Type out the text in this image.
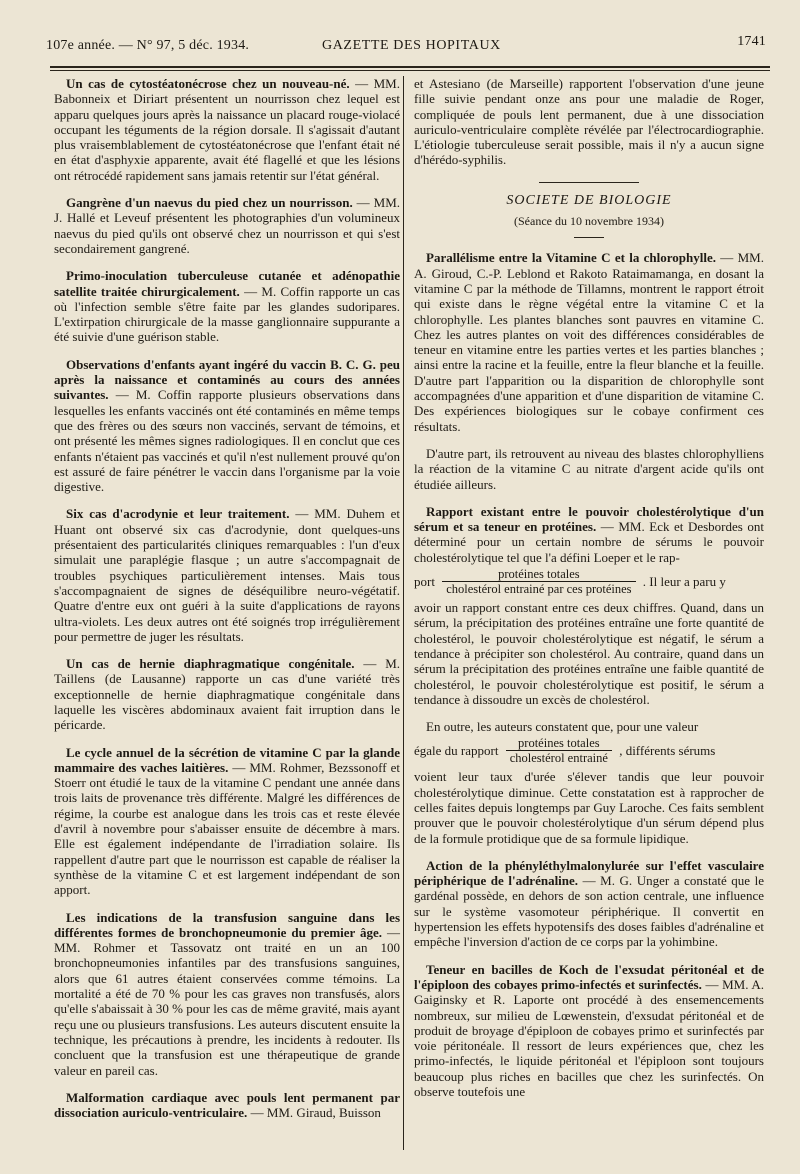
107e année. — N° 97, 5 déc. 1934.	GAZETTE DES HOPITAUX	1741

Un cas de cytostéatonécrose chez un nouveau-né. — MM. Babonneix et Diriart présentent un nourrisson chez lequel est apparu quelques jours après la naissance un placard rouge-violacé occupant les téguments de la région dorsale. Il s'agissait d'autant plus vraisemblablement de cytostéatonécrose que l'enfant était né en état d'asphyxie apparente, avait été flagellé et que les lésions ont rétrocédé rapidement sans jamais retentir sur l'état général.

Gangrène d'un naevus du pied chez un nourrisson. — MM. J. Hallé et Leveuf présentent les photographies d'un volumineux naevus du pied qu'ils ont observé chez un nourrisson et qui s'est secondairement gangrené.

Primo-inoculation tuberculeuse cutanée et adénopathie satellite traitée chirurgicalement. — M. Coffin rapporte un cas où l'infection semble s'être faite par les glandes sudoripares. L'extirpation chirurgicale de la masse ganglionnaire suppurante a été suivie d'une guérison stable.

Observations d'enfants ayant ingéré du vaccin B. C. G. peu après la naissance et contaminés au cours des années suivantes. — M. Coffin rapporte plusieurs observations dans lesquelles les enfants vaccinés ont été contaminés en même temps que des frères ou des sœurs non vaccinés, servant de témoins, et ont présenté les mêmes signes radiologiques. Il en conclut que ces enfants n'étaient pas vaccinés et qu'il n'est nullement prouvé qu'on est assuré de faire pénétrer le vaccin dans l'organisme par la voie digestive.

Six cas d'acrodynie et leur traitement. — MM. Duhem et Huant ont observé six cas d'acrodynie, dont quelques-uns présentaient des particularités cliniques remarquables : l'un d'eux simulait une paraplégie flasque ; un autre s'accompagnait de troubles psychiques particulièrement intenses. Mais tous s'accompagnaient de signes de déséquilibre neuro-végétatif. Quatre d'entre eux ont guéri à la suite d'applications de rayons ultra-violets. Les deux autres ont été soignés trop irrégulièrement pour permettre de juger les résultats.

Un cas de hernie diaphragmatique congénitale. — M. Taillens (de Lausanne) rapporte un cas d'une variété très exceptionnelle de hernie diaphragmatique congénitale dans laquelle les viscères abdominaux avaient fait irruption dans le péricarde.

Le cycle annuel de la sécrétion de vitamine C par la glande mammaire des vaches laitières. — MM. Rohmer, Bezssonoff et Stoerr ont étudié le taux de la vitamine C pendant une année dans trois laits de provenance très différente. Malgré les différences de régime, la courbe est analogue dans les trois cas et reste élevée d'avril à novembre pour s'abaisser ensuite de décembre à mars. Elle est également indépendante de l'irradiation solaire. Ils rappellent d'autre part que le nourrisson est capable de réaliser la synthèse de la vitamine C et est largement indépendant de son apport.

Les indications de la transfusion sanguine dans les différentes formes de bronchopneumonie du premier âge. — MM. Rohmer et Tassovatz ont traité en un an 100 bronchopneumonies infantiles par des transfusions sanguines, alors que 61 autres étaient conservées comme témoins. La mortalité a été de 70 % pour les cas graves non transfusés, alors qu'elle s'abaissait à 30 % pour les cas de même gravité, mais ayant reçu une ou plusieurs transfusions. Les auteurs discutent ensuite la technique, les précautions à prendre, les incidents à redouter. Ils concluent que la transfusion est une thérapeutique de grande valeur en pareil cas.

Malformation cardiaque avec pouls lent permanent par dissociation auriculo-ventriculaire. — MM. Giraud, Buisson

et Astesiano (de Marseille) rapportent l'observation d'une jeune fille suivie pendant onze ans pour une maladie de Roger, compliquée de pouls lent permanent, due à une dissociation auriculo-ventriculaire complète révélée par l'électrocardiographie. L'étiologie tuberculeuse serait possible, mais il n'y a aucun signe d'hérédo-syphilis.

SOCIETE DE BIOLOGIE
(Séance du 10 novembre 1934)

Parallélisme entre la Vitamine C et la chlorophylle. — MM. A. Giroud, C.-P. Leblond et Rakoto Rataimamanga, en dosant la vitamine C par la méthode de Tillamns, montrent le rapport étroit qui existe dans le règne végétal entre la vitamine C et la chlorophylle. Les plantes blanches sont pauvres en vitamine C. Chez les autres plantes on voit des différences considérables de teneur en vitamine entre les parties vertes et les parties blanches ; ainsi entre la racine et la feuille, entre la fleur blanche et la feuille. D'autre part l'apparition ou la disparition de chlorophylle sont accompagnées d'une apparition et d'une disparition de vitamine C. Des expériences biologiques sur le cobaye confirment ces résultats.

D'autre part, ils retrouvent au niveau des blastes chlorophylliens la réaction de la vitamine C au nitrate d'argent acide qu'ils ont étudiée ailleurs.

Rapport existant entre le pouvoir cholestérolytique d'un sérum et sa teneur en protéines. — MM. Eck et Desbordes ont déterminé pour un certain nombre de sérums le pouvoir cholestérolytique tel que l'a défini Loeper et le rap-

port $\frac{\text{protéines totales}}{\text{cholestérol entrainé par ces protéines}}$ . Il leur a paru y

avoir un rapport constant entre ces deux chiffres. Quand, dans un sérum, la précipitation des protéines entraîne une forte quantité de cholestérol, le pouvoir cholestérolytique est négatif, le sérum a tendance à précipiter son cholestérol. Au contraire, quand dans un sérum la précipitation des protéines entraîne une faible quantité de cholestérol, le pouvoir cholestérolytique est positif, le sérum a tendance à dissoudre un excès de cholestérol.

En outre, les auteurs constatent que, pour une valeur

égale du rapport $\frac{\text{protéines totales}}{\text{cholestérol entrainé}}$ , différents sérums

voient leur taux d'urée s'élever tandis que leur pouvoir cholestérolytique diminue. Cette constatation est à rapprocher de celles faites depuis longtemps par Guy Laroche. Ces faits semblent prouver que le pouvoir cholestérolytique d'un sérum dépend plus de la formule protidique que de sa formule lipidique.

Action de la phényléthylmalonylurée sur l'effet vasculaire périphérique de l'adrénaline. — M. G. Unger a constaté que le gardénal possède, en dehors de son action centrale, une influence sur le système vasomoteur périphérique. Il convertit en hypertension les effets hypotensifs des doses faibles d'adrénaline et empêche l'inversion d'action de ce corps par la yohimbine.

Teneur en bacilles de Koch de l'exsudat péritonéal et de l'épiploon des cobayes primo-infectés et surinfectés. — MM. A. Gaiginsky et R. Laporte ont procédé à des ensemencements nombreux, sur milieu de Lœwenstein, d'exsudat péritonéal et de produit de broyage d'épiploon de cobayes primo et surinfectés par voie péritonéale. Il ressort de leurs expériences que, chez les primo-infectés, le liquide péritonéal et l'épiploon sont toujours beaucoup plus riches en bacilles que chez les surinfectés. On observe toutefois une
